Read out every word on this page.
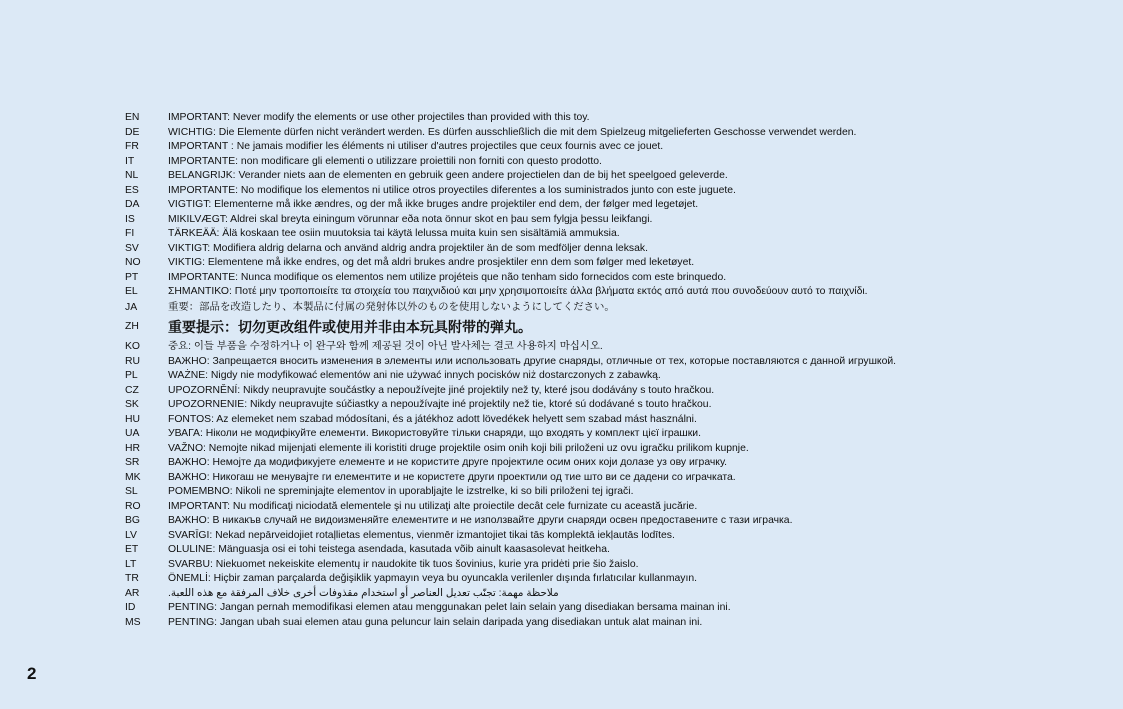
EN	IMPORTANT: Never modify the elements or use other projectiles than provided with this toy.
DE	WICHTIG: Die Elemente dürfen nicht verändert werden. Es dürfen ausschließlich die mit dem Spielzeug mitgelieferten Geschosse verwendet werden.
FR	IMPORTANT : Ne jamais modifier les éléments ni utiliser d'autres projectiles que ceux fournis avec ce jouet.
IT	IMPORTANTE: non modificare gli elementi o utilizzare proiettili non forniti con questo prodotto.
NL	BELANGRIJK: Verander niets aan de elementen en gebruik geen andere projectielen dan de bij het speelgoed geleverde.
ES	IMPORTANTE: No modifique los elementos ni utilice otros proyectiles diferentes a los suministrados junto con este juguete.
DA	VIGTIGT: Elementerne må ikke ændres, og der må ikke bruges andre projektiler end dem, der følger med legetøjet.
IS	MIKILVÆGT: Aldrei skal breyta einingum vörunnar eða nota önnur skot en þau sem fylgja þessu leikfangi.
FI	TÄRKEÄÄ: Älä koskaan tee osiin muutoksia tai käytä lelussa muita kuin sen sisältämiä ammuksia.
SV	VIKTIGT: Modifiera aldrig delarna och använd aldrig andra projektiler än de som medföljer denna leksak.
NO	VIKTIG: Elementene må ikke endres, og det må aldri brukes andre prosjektiler enn dem som følger med leketøyet.
PT	IMPORTANTE: Nunca modifique os elementos nem utilize projéteis que não tenham sido fornecidos com este brinquedo.
EL	ΣΗΜΑΝΤΙΚΟ: Ποτέ μην τροποποιείτε τα στοιχεία του παιχνιδιού και μην χρησιμοποιείτε άλλα βλήματα εκτός από αυτά που συνοδεύουν αυτό το παιχνίδι.
JA	重要：部品を改造したり、本製品に付属の発射体以外のものを使用しないようにしてください。
ZH	重要提示：切勿更改组件或使用并非由本玩具附带的弹丸。
KO	중요: 이들 부품을 수정하거나 이 완구와 함께 제공된 것이 아닌 발사체는 결코 사용하지 마십시오.
RU	ВАЖНО: Запрещается вносить изменения в элементы или использовать другие снаряды, отличные от тех, которые поставляются с данной игрушкой.
PL	WAŻNE: Nigdy nie modyfikować elementów ani nie używać innych pocisków niż dostarczonych z zabawką.
CZ	UPOZORNĚNÍ: Nikdy neupravujte součástky a nepoužívejte jiné projektily než ty, které jsou dodávány s touto hračkou.
SK	UPOZORNENIE: Nikdy neupravujte súčiastky a nepoužívajte iné projektily než tie, ktoré sú dodávané s touto hračkou.
HU	FONTOS: Az elemeket nem szabad módosítani, és a játékhoz adott lövedékek helyett sem szabad mást használni.
UA	УВАГА: Ніколи не модифікуйте елементи. Використовуйте тільки снаряди, що входять у комплект цієї іграшки.
HR	VAŽNO: Nemojte nikad mijenjati elemente ili koristiti druge projektile osim onih koji bili priloženi uz ovu igračku prilikom kupnje.
SR	ВАЖНО: Немојте да модификујете елементе и не користите друге пројектиле осим оних који долазе уз ову играчку.
MK	ВАЖНО: Никогаш не менувајте ги елементите и не користете други проектили од тие што ви се дадени со играчката.
SL	POMEMBNO: Nikoli ne spreminjajte elementov in uporabljajte le izstrelke, ki so bili priloženi tej igrači.
RO	IMPORTANT: Nu modificaţi niciodată elementele şi nu utilizaţi alte proiectile decât cele furnizate cu această jucărie.
BG	ВАЖНО: В никакъв случай не видоизменяйте елементите и не използвайте други снаряди освен предоставените с тази играчка.
LV	SVARĪGI: Nekad nepārveidojiet rotaļlietas elementus, vienmēr izmantojiet tikai tās komplektā iekļautās lodītes.
ET	OLULINE: Mänguasja osi ei tohi teistega asendada, kasutada võib ainult kaasasolevat heitkeha.
LT	SVARBU: Niekuomet nekeiskite elementų ir naudokite tik tuos šovinius, kurie yra pridėti prie šio žaislo.
TR	ÖNEMLİ: Hiçbir zaman parçalarda değişiklik yapmayın veya bu oyuncakla verilenler dışında fırlatıcılar kullanmayın.
AR	ملاحظة مهمة: تجنّب تعديل العناصر أو استخدام مقذوفات أخرى خلاف المرفقة مع هذه اللعبة.
ID	PENTING: Jangan pernah memodifikasi elemen atau menggunakan pelet lain selain yang disediakan bersama mainan ini.
MS	PENTING: Jangan ubah suai elemen atau guna peluncur lain selain daripada yang disediakan untuk alat mainan ini.
2
